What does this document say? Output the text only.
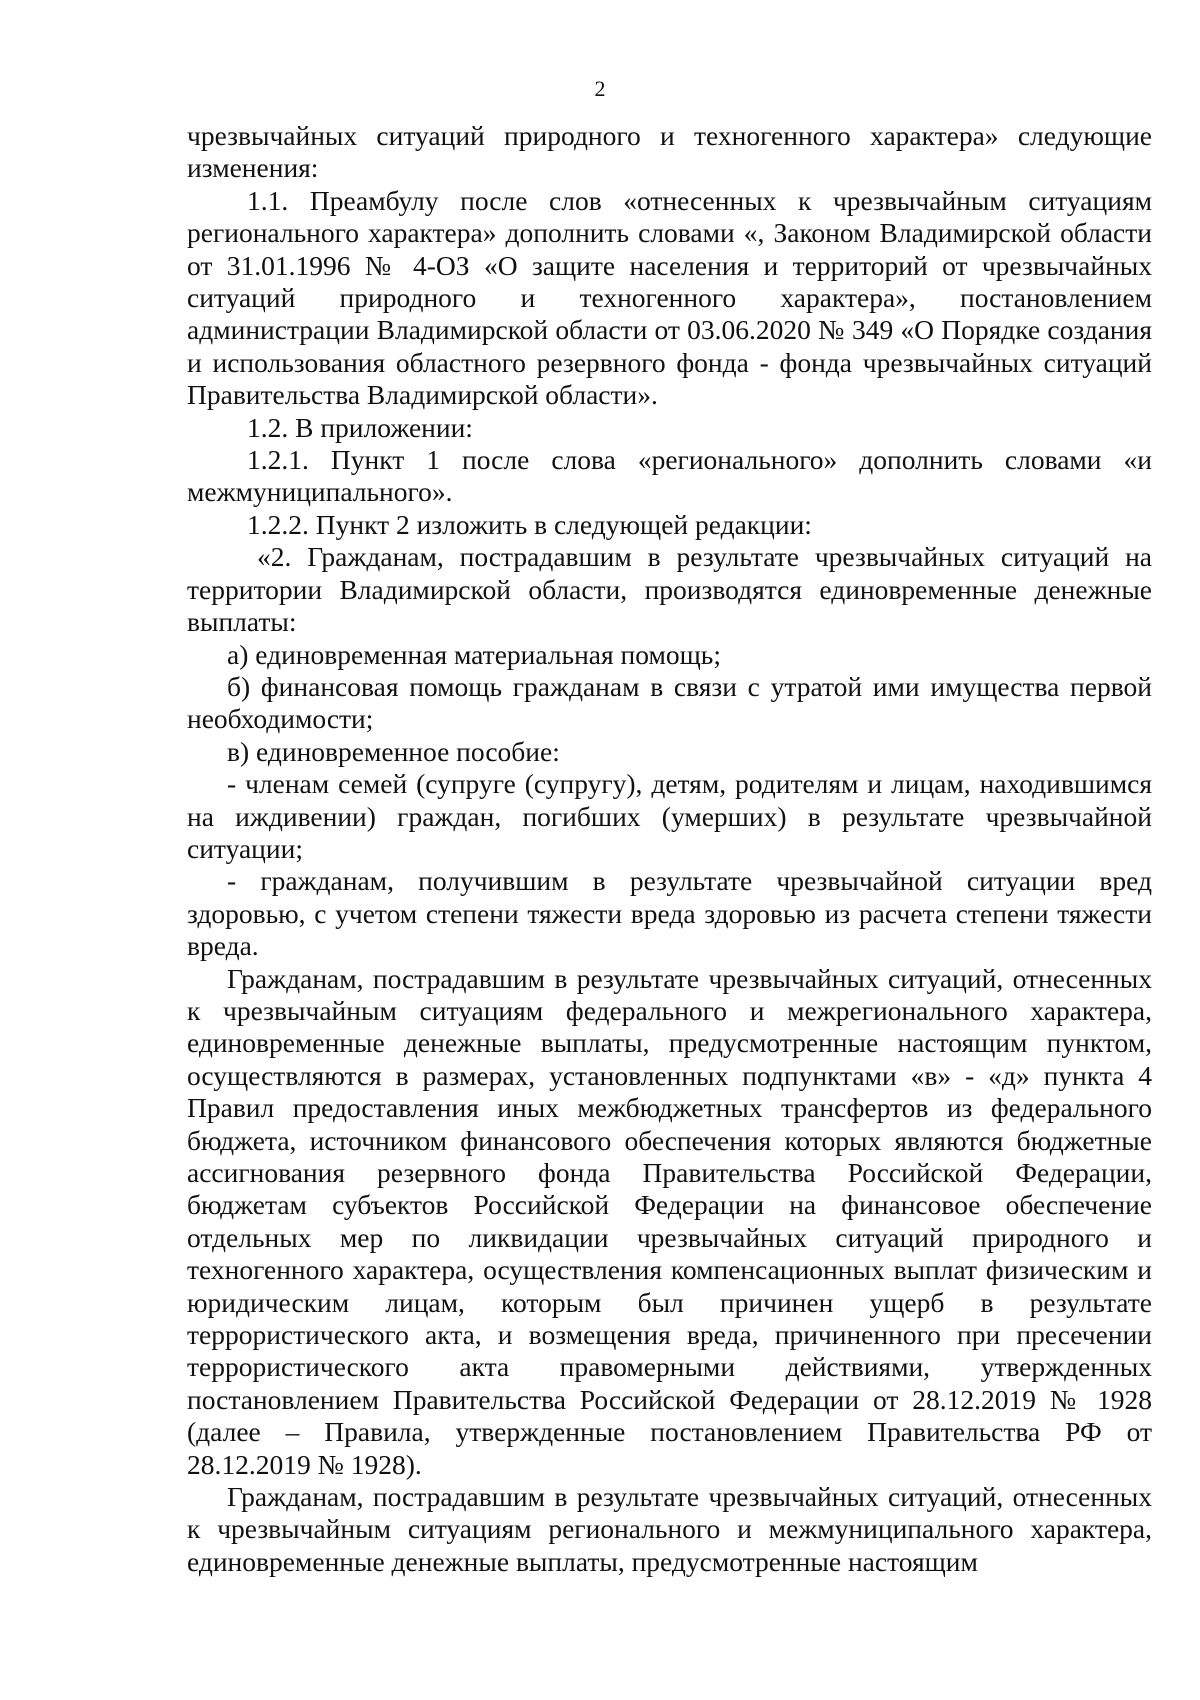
2

чрезвычайных ситуаций природного и техногенного характера» следующие изменения:

1.1. Преамбулу после слов «отнесенных к чрезвычайным ситуациям регионального характера» дополнить словами «, Законом Владимирской области от 31.01.1996 № 4-ОЗ «О защите населения и территорий от чрезвычайных ситуаций природного и техногенного характера», постановлением администрации Владимирской области от 03.06.2020 № 349 «О Порядке создания и использования областного резервного фонда - фонда чрезвычайных ситуаций Правительства Владимирской области».

1.2. В приложении:

1.2.1. Пункт 1 после слова «регионального» дополнить словами «и межмуниципального».

1.2.2. Пункт 2 изложить в следующей редакции:

«2. Гражданам, пострадавшим в результате чрезвычайных ситуаций на территории Владимирской области, производятся единовременные денежные выплаты:

а) единовременная материальная помощь;

б) финансовая помощь гражданам в связи с утратой ими имущества первой необходимости;

в) единовременное пособие:

- членам семей (супруге (супругу), детям, родителям и лицам, находившимся на иждивении) граждан, погибших (умерших) в результате чрезвычайной ситуации;

- гражданам, получившим в результате чрезвычайной ситуации вред здоровью, с учетом степени тяжести вреда здоровью из расчета степени тяжести вреда.

Гражданам, пострадавшим в результате чрезвычайных ситуаций, отнесенных к чрезвычайным ситуациям федерального и межрегионального характера, единовременные денежные выплаты, предусмотренные настоящим пунктом, осуществляются в размерах, установленных подпунктами «в» - «д» пункта 4 Правил предоставления иных межбюджетных трансфертов из федерального бюджета, источником финансового обеспечения которых являются бюджетные ассигнования резервного фонда Правительства Российской Федерации, бюджетам субъектов Российской Федерации на финансовое обеспечение отдельных мер по ликвидации чрезвычайных ситуаций природного и техногенного характера, осуществления компенсационных выплат физическим и юридическим лицам, которым был причинен ущерб в результате террористического акта, и возмещения вреда, причиненного при пресечении террористического акта правомерными действиями, утвержденных постановлением Правительства Российской Федерации от 28.12.2019 № 1928 (далее – Правила, утвержденные постановлением Правительства РФ от 28.12.2019 № 1928).

Гражданам, пострадавшим в результате чрезвычайных ситуаций, отнесенных к чрезвычайным ситуациям регионального и межмуниципального характера, единовременные денежные выплаты, предусмотренные настоящим
